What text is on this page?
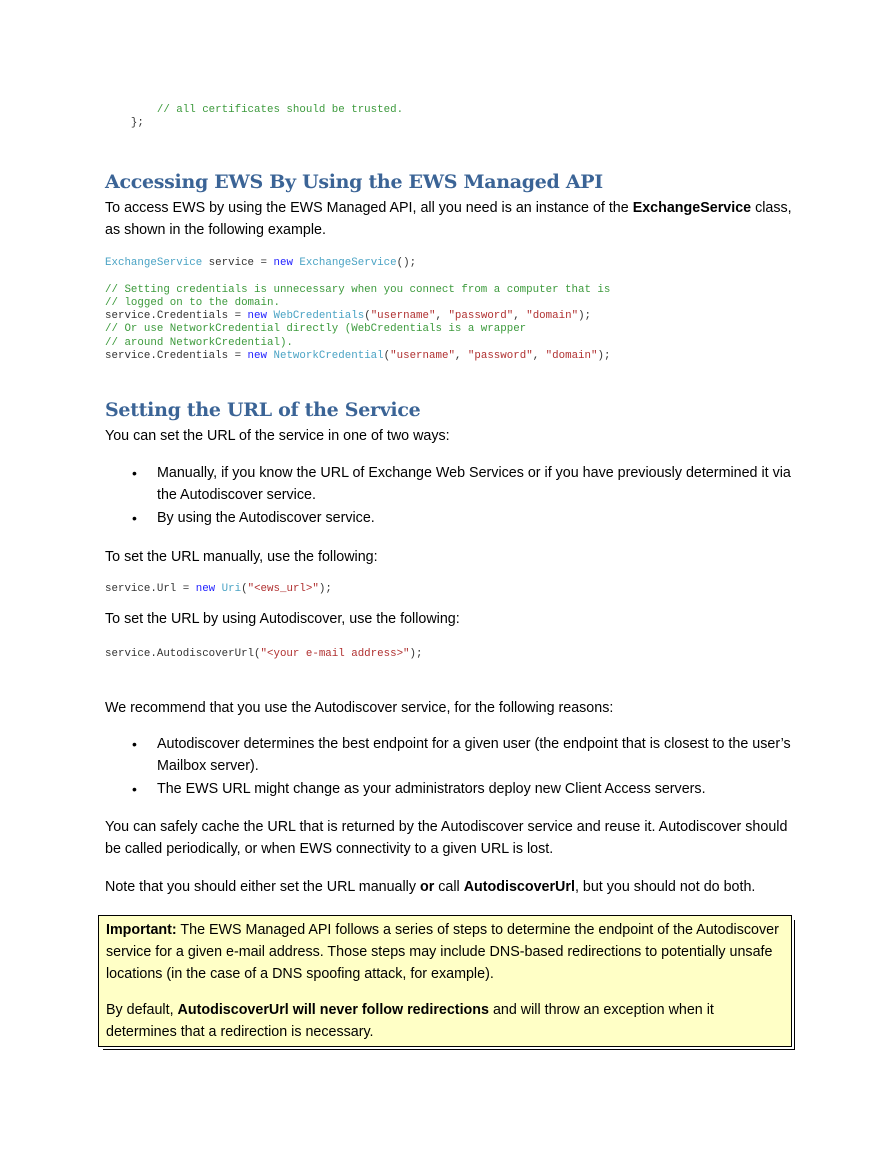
// all certificates should be trusted.
};
Accessing EWS By Using the EWS Managed API

To access EWS by using the EWS Managed API, all you need is an instance of the ExchangeService class, as shown in the following example.

ExchangeService service = new ExchangeService();

// Setting credentials is unnecessary when you connect from a computer that is
// logged on to the domain.
service.Credentials = new WebCredentials("username", "password", "domain");
// Or use NetworkCredential directly (WebCredentials is a wrapper
// around NetworkCredential).
service.Credentials = new NetworkCredential("username", "password", "domain");
Setting the URL of the Service

You can set the URL of the service in one of two ways:

• Manually, if you know the URL of Exchange Web Services or if you have previously determined it via the Autodiscover service.
• By using the Autodiscover service.

To set the URL manually, use the following:

service.Url = new Uri("<ews_url>");

To set the URL by using Autodiscover, use the following:

service.AutodiscoverUrl("<your e-mail address>");

We recommend that you use the Autodiscover service, for the following reasons:

• Autodiscover determines the best endpoint for a given user (the endpoint that is closest to the user’s Mailbox server).
• The EWS URL might change as your administrators deploy new Client Access servers.

You can safely cache the URL that is returned by the Autodiscover service and reuse it. Autodiscover should be called periodically, or when EWS connectivity to a given URL is lost.

Note that you should either set the URL manually or call AutodiscoverUrl, but you should not do both.

Important: The EWS Managed API follows a series of steps to determine the endpoint of the Autodiscover service for a given e-mail address. Those steps may include DNS-based redirections to potentially unsafe locations (in the case of a DNS spoofing attack, for example).

By default, AutodiscoverUrl will never follow redirections and will throw an exception when it determines that a redirection is necessary.
